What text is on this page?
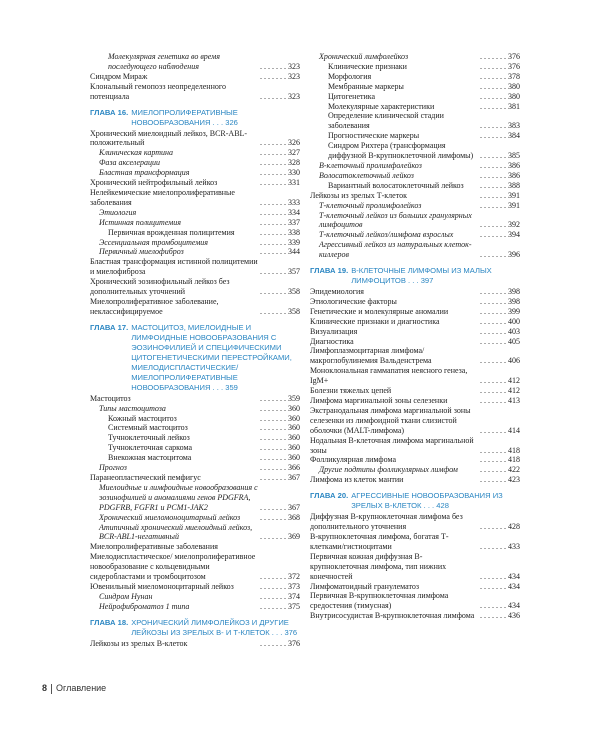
Молекулярная генетика во время последующего наблюдения	. . . . . . . 323
Синдром Мираж	. . . . . . . 323
Клональный гемопоэз неопределенного потенциала	. . . . . . . 323
ГЛАВА 16. МИЕЛОПРОЛИФЕРАТИВНЫЕ НОВООБРАЗОВАНИЯ . . . 326
Хронический миелоидный лейкоз, BCR-ABL-положительный	. . . . . . . 326
Клиническая картина	. . . . . . . 327
Фаза акселерации	. . . . . . . 328
Бластная трансформация	. . . . . . . 330
Хронический нейтрофильный лейкоз	. . . . . . . 331
Нелейкемические миелопролиферативные заболевания	. . . . . . . 333
Этиология	. . . . . . . 334
Истинная полицитемия	. . . . . . . 337
Первичная врожденная полицитемия	. . . . . . . 338
Эссенциальная тромбоцитемия	. . . . . . . 339
Первичный миелофиброз	. . . . . . . 344
Бластная трансформация истинной полицитемии и миелофиброза	. . . . . . . 357
Хронический эозинофильный лейкоз без дополнительных уточнений	. . . . . . . 358
Миелопролиферативное заболевание, неклассифицируемое	. . . . . . . 358
ГЛАВА 17. МАСТОЦИТОЗ, МИЕЛОИДНЫЕ И ЛИМФОИДНЫЕ НОВООБРАЗОВАНИЯ С ЭОЗИНОФИЛИЕЙ И СПЕЦИФИЧЕСКИМИ ЦИТОГЕНЕТИЧЕСКИМИ ПЕРЕСТРОЙКАМИ, МИЕЛОДИСПЛАСТИЧЕСКИЕ/ МИЕЛОПРОЛИФЕРАТИВНЫЕ НОВООБРАЗОВАНИЯ . . . 359
Мастоцитоз	. . . . . . . 359
Типы мастоцитоза	. . . . . . . 360
Кожный мастоцитоз	. . . . . . . 360
Системный мастоцитоз	. . . . . . . 360
Тучноклеточный лейкоз	. . . . . . . 360
Тучноклеточная саркома	. . . . . . . 360
Внекожная мастоцитома	. . . . . . . 360
Прогноз	. . . . . . . 366
Паранеопластический пемфигус	. . . . . . . 367
Миелоидные и лимфоидные новообразования с эозинофилией и аномалиями генов PDGFRA, PDGFRB, FGFR1 и PCM1-JAK2	. . . . . . . 367
Хронический миеломоноцитарный лейкоз	. . . . . . . 368
Атипичный хронический миелоидный лейкоз, BCR-ABL1-негативный	. . . . . . . 369
Миелопролиферативные заболевания
Миелодиспластическое/ миелопролиферативное новообразование с кольцевидными сидеробластами и тромбоцитозом	. . . . . . . 372
Ювенильный миеломоноцитарный лейкоз	. . . . . . . 373
Синдром Нунан	. . . . . . . 374
Нейрофиброматоз 1 типа	. . . . . . . 375
ГЛАВА 18. ХРОНИЧЕСКИЙ ЛИМФОЛЕЙКОЗ И ДРУГИЕ ЛЕЙКОЗЫ ИЗ ЗРЕЛЫХ В- И Т-КЛЕТОК . . . 376
Лейкозы из зрелых В-клеток	. . . . . . . 376
Хронический лимфолейкоз	. . . . . . . 376
Клинические признаки	. . . . . . . 376
Морфология	. . . . . . . 378
Мембранные маркеры	. . . . . . . 380
Цитогенетика	. . . . . . . 380
Молекулярные характеристики	. . . . . . . 381
Определение клинической стадии заболевания	. . . . . . . 383
Прогностические маркеры	. . . . . . . 384
Синдром Рихтера (трансформация диффузной В-крупноклеточной лимфомы) . . . . . . . 385
В-клеточный пролимфолейкоз	. . . . . . . 386
Волосатоклеточный лейкоз	. . . . . . . 386
Вариантный волосатоклеточный лейкоз	. . . . . . . 388
Лейкозы из зрелых Т-клеток	. . . . . . . 391
Т-клеточный пролимфолейкоз	. . . . . . . 391
Т-клеточный лейкоз из больших гранулярных лимфоцитов	. . . . . . . 392
Т-клеточный лейкоз/лимфома взрослых	. . . . . . . 394
Агрессивный лейкоз из натуральных клеток-киллеров	. . . . . . . 396
ГЛАВА 19. В-КЛЕТОЧНЫЕ ЛИМФОМЫ ИЗ МАЛЫХ ЛИМФОЦИТОВ . . . 397
Эпидемиология	. . . . . . . 398
Этиологические факторы	. . . . . . . 398
Генетические и молекулярные аномалии	. . . . . . . 399
Клинические признаки и диагностика	. . . . . . . 400
Визуализация	. . . . . . . 403
Диагностика	. . . . . . . 405
Лимфоплазмоцитарная лимфома/ макроглобулинемия Вальденстрема	. . . . . . . 406
Моноклональная гаммапатия неясного генеза, IgM+	. . . . . . . 412
Болезни тяжелых цепей	. . . . . . . 412
Лимфома маргинальной зоны селезенки	. . . . . . . 413
Экстранодальная лимфома маргинальной зоны селезенки из лимфоидной ткани слизистой оболочки (MALT-лимфома)	. . . . . . . 414
Нодальная В-клеточная лимфома маргинальной зоны	. . . . . . . 418
Фолликулярная лимфома	. . . . . . . 418
Другие подтипы фолликулярных лимфом	. . . . . . . 422
Лимфома из клеток мантии	. . . . . . . 423
ГЛАВА 20. АГРЕССИВНЫЕ НОВООБРАЗОВАНИЯ ИЗ ЗРЕЛЫХ В-КЛЕТОК . . . 428
Диффузная В-крупноклеточная лимфома без дополнительного уточнения	. . . . . . . 428
В-крупноклеточная лимфома, богатая Т-клетками/гистиоцитами	. . . . . . . 433
Первичная кожная диффузная В-крупноклеточная лимфома, тип нижних конечностей	. . . . . . . 434
Лимфоматоидный гранулематоз	. . . . . . . 434
Первичная В-крупноклеточная лимфома средостения (тимусная)	. . . . . . . 434
Внутрисосудистая В-крупноклеточная лимфома . . . . . . . 436
8 Оглавление
